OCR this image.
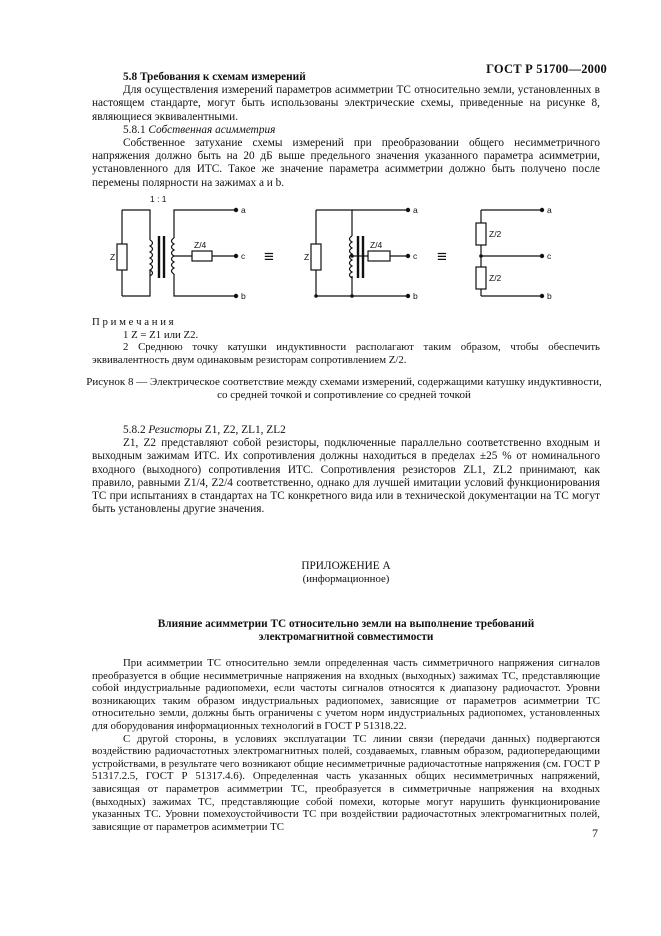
ГОСТ Р 51700—2000

5.8 Требования к схемам измерений

Для осуществления измерений параметров асимметрии ТС относительно земли, установленных в настоящем стандарте, могут быть использованы электрические схемы, приведенные на рисунке 8, являющиеся эквивалентными.

5.8.1 Собственная асимметрия

Собственное затухание схемы измерений при преобразовании общего несимметричного напряжения должно быть на 20 дБ выше предельного значения указанного параметра асимметрии, установленного для ИТС. Такое же значение параметра асимметрии должно быть получено после перемены полярности на зажимах а и b.

1 : 1
Z	Z
Z/4	Z/4
Z/2
Z/2
a
c
b
a
c
b
a
c
b
≡	≡

П р и м е ч а н и я

1 Z = Z1 или Z2.

2 Среднюю точку катушки индуктивности располагают таким образом, чтобы обеспечить эквивалентность двум одинаковым резисторам сопротивлением Z/2.

Рисунок 8 — Электрическое соответствие между схемами измерений, содержащими катушку индуктивности,

со средней точкой и сопротивление со средней точкой

5.8.2 Резисторы Z1, Z2, ZL1, ZL2

Z1, Z2 представляют собой резисторы, подключенные параллельно соответственно входным и выходным зажимам ИТС. Их сопротивления должны находиться в пределах ±25 % от номинального входного (выходного) сопротивления ИТС. Сопротивления резисторов ZL1, ZL2 принимают, как правило, равными Z1/4, Z2/4 соответственно, однако для лучшей имитации условий функционирования ТС при испытаниях в стандартах на ТС конкретного вида или в технической документации на ТС могут быть установлены другие значения.

ПРИЛОЖЕНИЕ А

(информационное)

Влияние асимметрии ТС относительно земли на выполнение требований

электромагнитной совместимости

При асимметрии ТС относительно земли определенная часть симметричного напряжения сигналов преобразуется в общие несимметричные напряжения на входных (выходных) зажимах ТС, представляющие собой индустриальные радиопомехи, если частоты сигналов относятся к диапазону радиочастот. Уровни возникающих таким образом индустриальных радиопомех, зависящие от параметров асимметрии ТС относительно земли, должны быть ограничены с учетом норм индустриальных радиопомех, установленных для оборудования информационных технологий в ГОСТ Р 51318.22.

С другой стороны, в условиях эксплуатации ТС линии связи (передачи данных) подвергаются воздействию радиочастотных электромагнитных полей, создаваемых, главным образом, радиопередающими устройствами, в результате чего возникают общие несимметричные радиочастотные напряжения (см. ГОСТ Р 51317.2.5, ГОСТ Р 51317.4.6). Определенная часть указанных общих несимметричных напряжений, зависящая от параметров асимметрии ТС, преобразуется в симметричные напряжения на входных (выходных) зажимах ТС, представляющие собой помехи, которые могут нарушить функционирование указанных ТС. Уровни помехоустойчивости ТС при воздействии радиочастотных электромагнитных полей, зависящие от параметров асимметрии ТС	7
